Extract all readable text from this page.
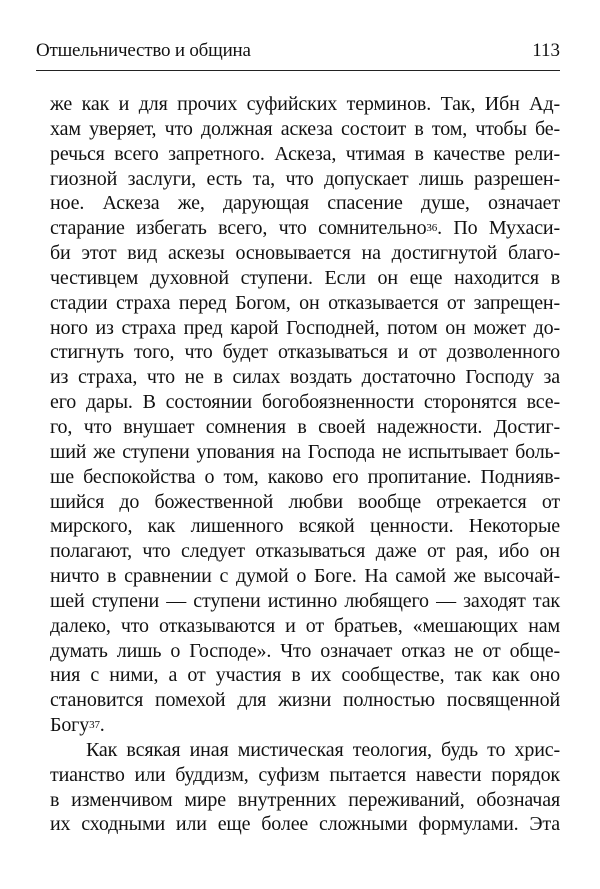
Отшельничество и община	113
же как и для прочих суфийских терминов. Так, Ибн Ад-
хам уверяет, что должная аскеза состоит в том, чтобы бе-
речься всего запретного. Аскеза, чтимая в качестве рели-
гиозной заслуги, есть та, что допускает лишь разрешен-
ное. Аскеза же, дарующая спасение душе, означает
старание избегать всего, что сомнительно$^{36}$. По Мухаси-
би этот вид аскезы основывается на достигнутой благо-
честивцем духовной ступени. Если он еще находится в
стадии страха перед Богом, он отказывается от запрещен-
ного из страха пред карой Господней, потом он может до-
стигнуть того, что будет отказываться и от дозволенного
из страха, что не в силах воздать достаточно Господу за
его дары. В состоянии богобоязненности сторонятся все-
го, что внушает сомнения в своей надежности. Достиг-
ший же ступени упования на Господа не испытывает боль-
ше беспокойства о том, каково его пропитание. Поднияв-
шийся до божественной любви вообще отрекается от
мирского, как лишенного всякой ценности. Некоторые
полагают, что следует отказываться даже от рая, ибо он
ничто в сравнении с думой о Боге. На самой же высочай-
шей ступени — ступени истинно любящего — заходят так
далеко, что отказываются и от братьев, «мешающих нам
думать лишь о Господе». Что означает отказ не от обще-
ния с ними, а от участия в их сообществе, так как оно
становится помехой для жизни полностью посвященной
Богу$^{37}$.
Как всякая иная мистическая теология, будь то хрис-
тианство или буддизм, суфизм пытается навести порядок
в изменчивом мире внутренних переживаний, обозначая
их сходными или еще более сложными формулами. Эта
